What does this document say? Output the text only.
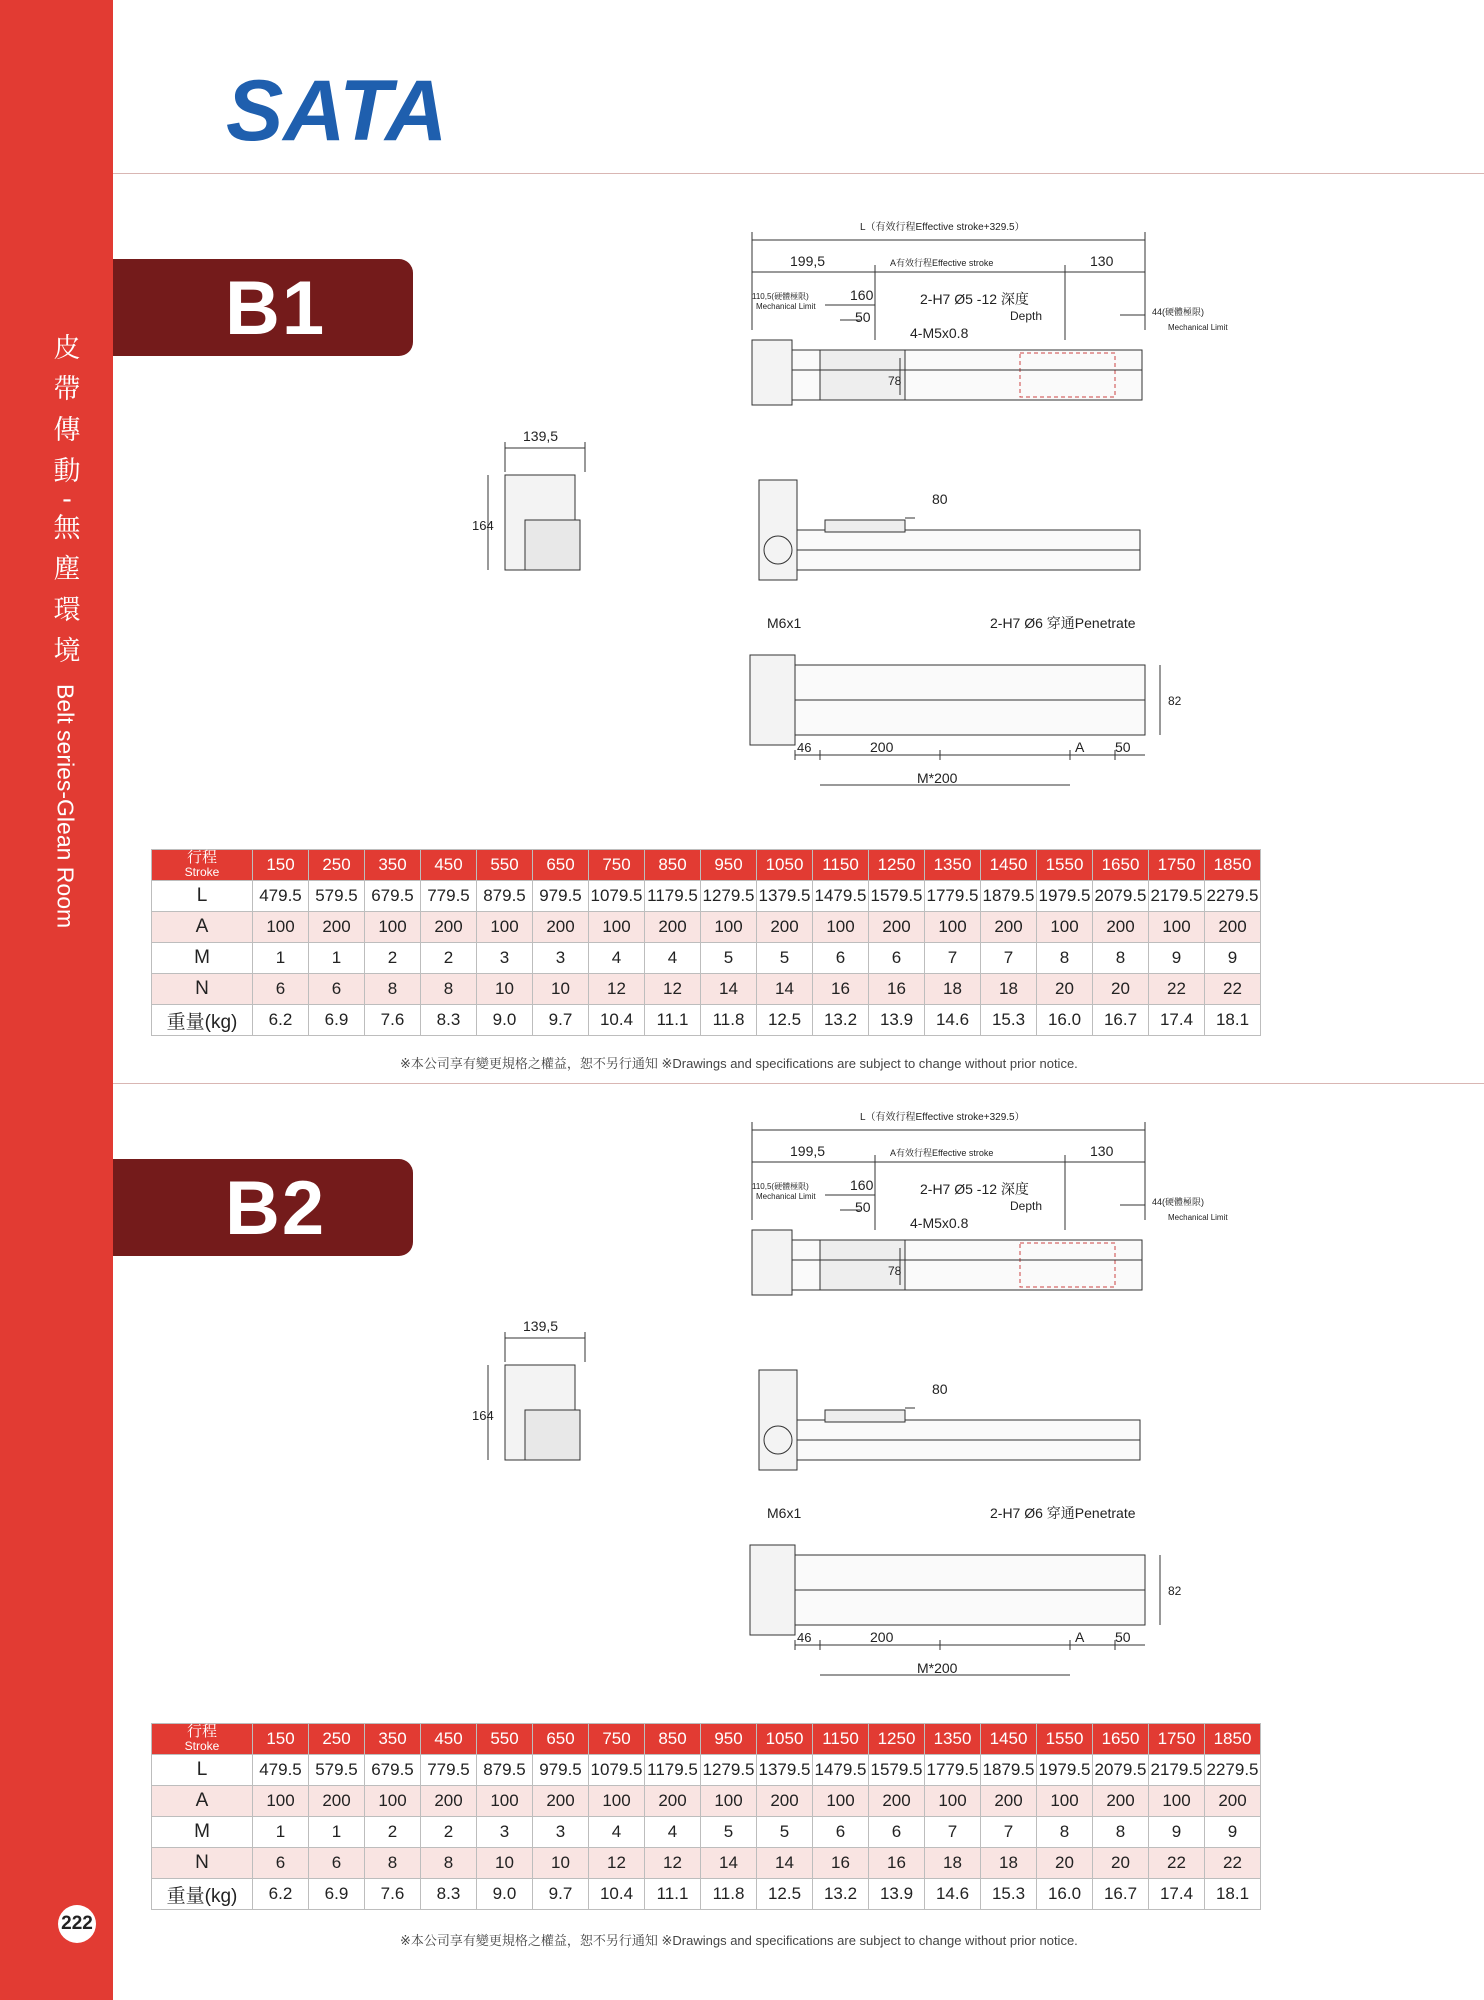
皮
帶
傳
動
-
無
塵
環
境
Belt series-Glean Room
222
SATA
B1
B2
L（有效行程Effective stroke+329.5）
199,5	A有效行程Effective stroke	130
160
50
110,5(硬體極限)
Mechanical Limit	2-H7 Ø5 -12 深度
Depth
4-M5x0.8
44(硬體極限)
Mechanical Limit
78
139,5
164
80
M6x1	2-H7 Ø6 穿通Penetrate
82
46	200	A 50
M*200
L（有效行程Effective stroke+329.5）
199,5	A有效行程Effective stroke	130
160
50
110,5(硬體極限)
Mechanical Limit	2-H7 Ø5 -12 深度
Depth
4-M5x0.8
44(硬體極限)
Mechanical Limit
78
139,5
164
80
M6x1	2-H7 Ø6 穿通Penetrate
82
46	200	A 50
M*200
行程
Stroke	150	250	350	450	550	650	750	850	950	1050	1150	1250	1350	1450	1550	1650	1750	1850
L	479.5	579.5	679.5	779.5	879.5	979.5	1079.5	1179.5	1279.5	1379.5	1479.5	1579.5	1779.5	1879.5	1979.5	2079.5	2179.5	2279.5
A	100	200	100	200	100	200	100	200	100	200	100	200	100	200	100	200	100	200
M	1	1	2	2	3	3	4	4	5	5	6	6	7	7	8	8	9	9
N	6	6	8	8	10	10	12	12	14	14	16	16	18	18	20	20	22	22
重量(kg)	6.2	6.9	7.6	8.3	9.0	9.7	10.4	11.1	11.8	12.5	13.2	13.9	14.6	15.3	16.0	16.7	17.4	18.1
※本公司享有變更規格之權益，恕不另行通知 ※Drawings and specifications are subject to change without prior notice.
行程
Stroke	150	250	350	450	550	650	750	850	950	1050	1150	1250	1350	1450	1550	1650	1750	1850
L	479.5	579.5	679.5	779.5	879.5	979.5	1079.5	1179.5	1279.5	1379.5	1479.5	1579.5	1779.5	1879.5	1979.5	2079.5	2179.5	2279.5
A	100	200	100	200	100	200	100	200	100	200	100	200	100	200	100	200	100	200
M	1	1	2	2	3	3	4	4	5	5	6	6	7	7	8	8	9	9
N	6	6	8	8	10	10	12	12	14	14	16	16	18	18	20	20	22	22
重量(kg)	6.2	6.9	7.6	8.3	9.0	9.7	10.4	11.1	11.8	12.5	13.2	13.9	14.6	15.3	16.0	16.7	17.4	18.1
※本公司享有變更規格之權益，恕不另行通知 ※Drawings and specifications are subject to change without prior notice.
